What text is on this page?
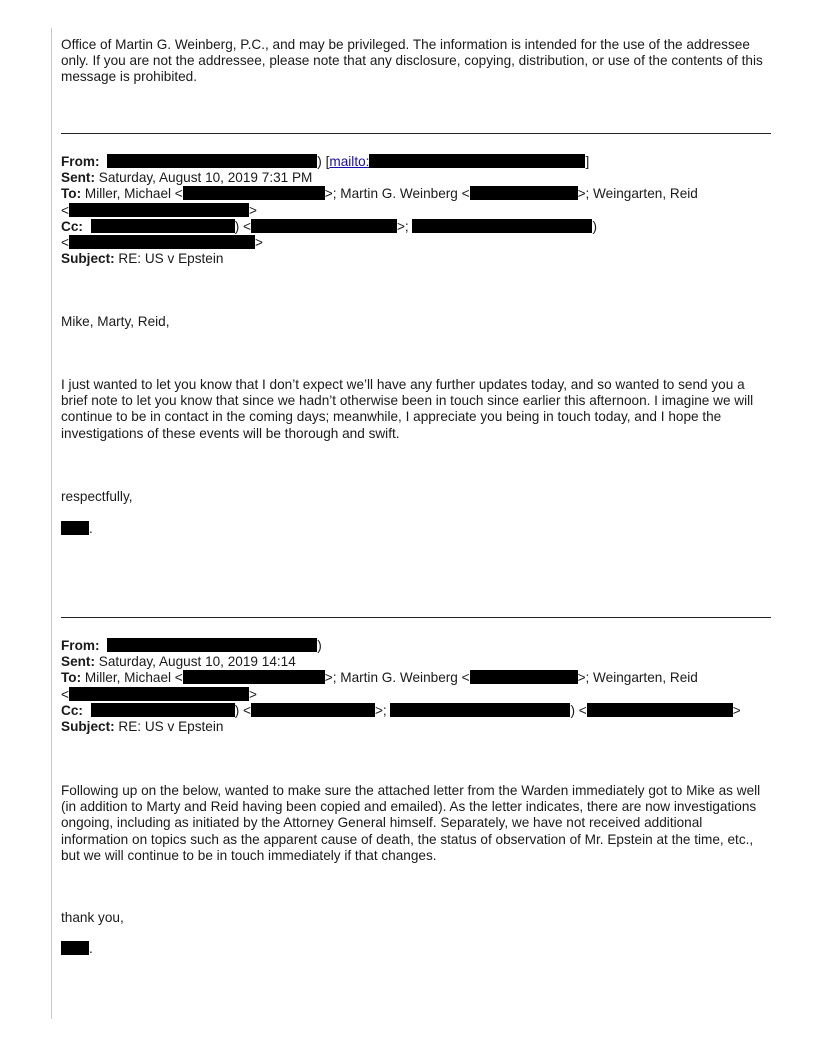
Office of Martin G. Weinberg, P.C., and may be privileged. The information is intended for the use of the addressee only. If you are not the addressee, please note that any disclosure, copying, distribution, or use of the contents of this message is prohibited.
From:	) [mailto:	]
Sent: Saturday, August 10, 2019 7:31 PM
To: Miller, Michael <	>; Martin G. Weinberg <	>; Weingarten, Reid
<	>
Cc:	) <	>;	)
<	>
Subject: RE: US v Epstein
Mike, Marty, Reid,
I just wanted to let you know that I don’t expect we’ll have any further updates today, and so wanted to send you a brief note to let you know that since we hadn’t otherwise been in touch since earlier this afternoon. I imagine we will continue to be in contact in the coming days; meanwhile, I appreciate you being in touch today, and I hope the investigations of these events will be thorough and swift.
respectfully,
.
From:	)
Sent: Saturday, August 10, 2019 14:14
To: Miller, Michael <	>; Martin G. Weinberg <	>; Weingarten, Reid
<	>
Cc:	) <	>;	) <	>
Subject: RE: US v Epstein
Following up on the below, wanted to make sure the attached letter from the Warden immediately got to Mike as well (in addition to Marty and Reid having been copied and emailed). As the letter indicates, there are now investigations ongoing, including as initiated by the Attorney General himself. Separately, we have not received additional information on topics such as the apparent cause of death, the status of observation of Mr. Epstein at the time, etc., but we will continue to be in touch immediately if that changes.
thank you,
.
